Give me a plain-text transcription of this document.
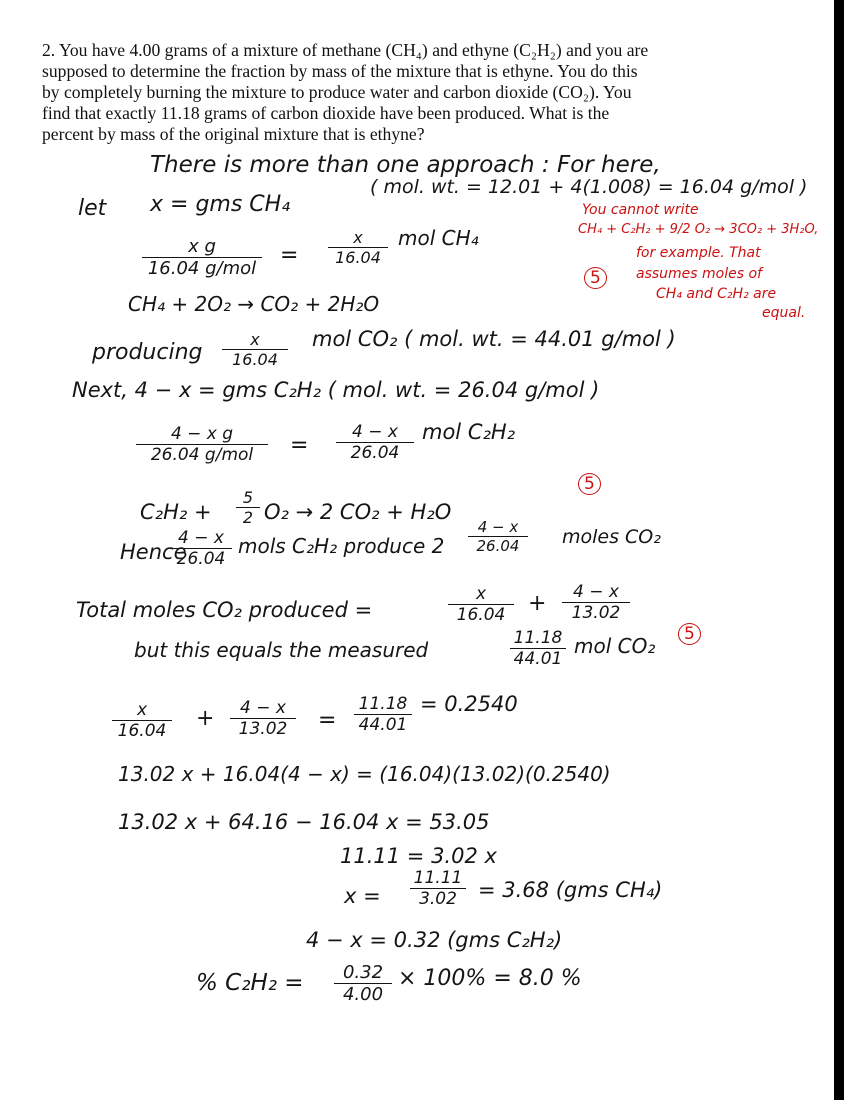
2. You have 4.00 grams of a mixture of methane (CH₄) and ethyne (C₂H₂) and you are
supposed to determine the fraction by mass of the mixture that is ethyne. You do this
by completely burning the mixture to produce water and carbon dioxide (CO₂). You
find that exactly 11.18 grams of carbon dioxide have been produced. What is the
percent by mass of the original mixture that is ethyne?
There is more than one approach : For here,
let x = gms CH₄
( mol. wt. = 12.01 + 4(1.008) = 16.04 g/mol )
x g
16.04 g/mol
= $\frac{x}{16.04}$ mol CH₄
CH₄ + 2O₂ → CO₂ + 2H₂O
producing $\frac{x}{16.04}$ mol CO₂ ( mol. wt. = 44.01 g/mol )
Next, 4 − x = gms C₂H₂ ( mol. wt. = 26.04 g/mol )
4 − x g
26.04 g/mol	= $\frac{4 - x}{26.04}$ mol C₂H₂
$C_2H_2 + \frac{5}{2} O_2 \to 2$ CO₂ + H₂O
5
Hence
$\frac{4 - x}{26.04}$ mols C₂H₂ produce $2 \frac{4 - x}{26.04}$ moles CO₂
Total moles CO₂ produced =	$\frac{x}{16.04} + \frac{4 - x}{13.02}$
but this equals the measured	$\frac{11.18}{44.01}$ mol CO₂	5
$\frac{x}{16.04} + \frac{4 - x}{13.02} = \frac{11.18}{44.01} = 0.2540$
13.02 x + 16.04(4 − x) = (16.04)(13.02)(0.2540)
13.02 x + 64.16 − 16.04 x = 53.05
11.11 = 3.02 x
$x = \frac{11.11}{3.02} = 3.68$ (gms CH₄)
4 − x = 0.32 (gms C₂H₂)
% $C_2H_2 = \frac{0.32}{4.00} \times 100\% = 8.0$ %
You cannot write
CH₄ + C₂H₂ + 9/2 O₂ → 3CO₂ + 3H₂O,
for example. That
5	assumes moles of
CH₄ and C₂H₂ are
equal.
